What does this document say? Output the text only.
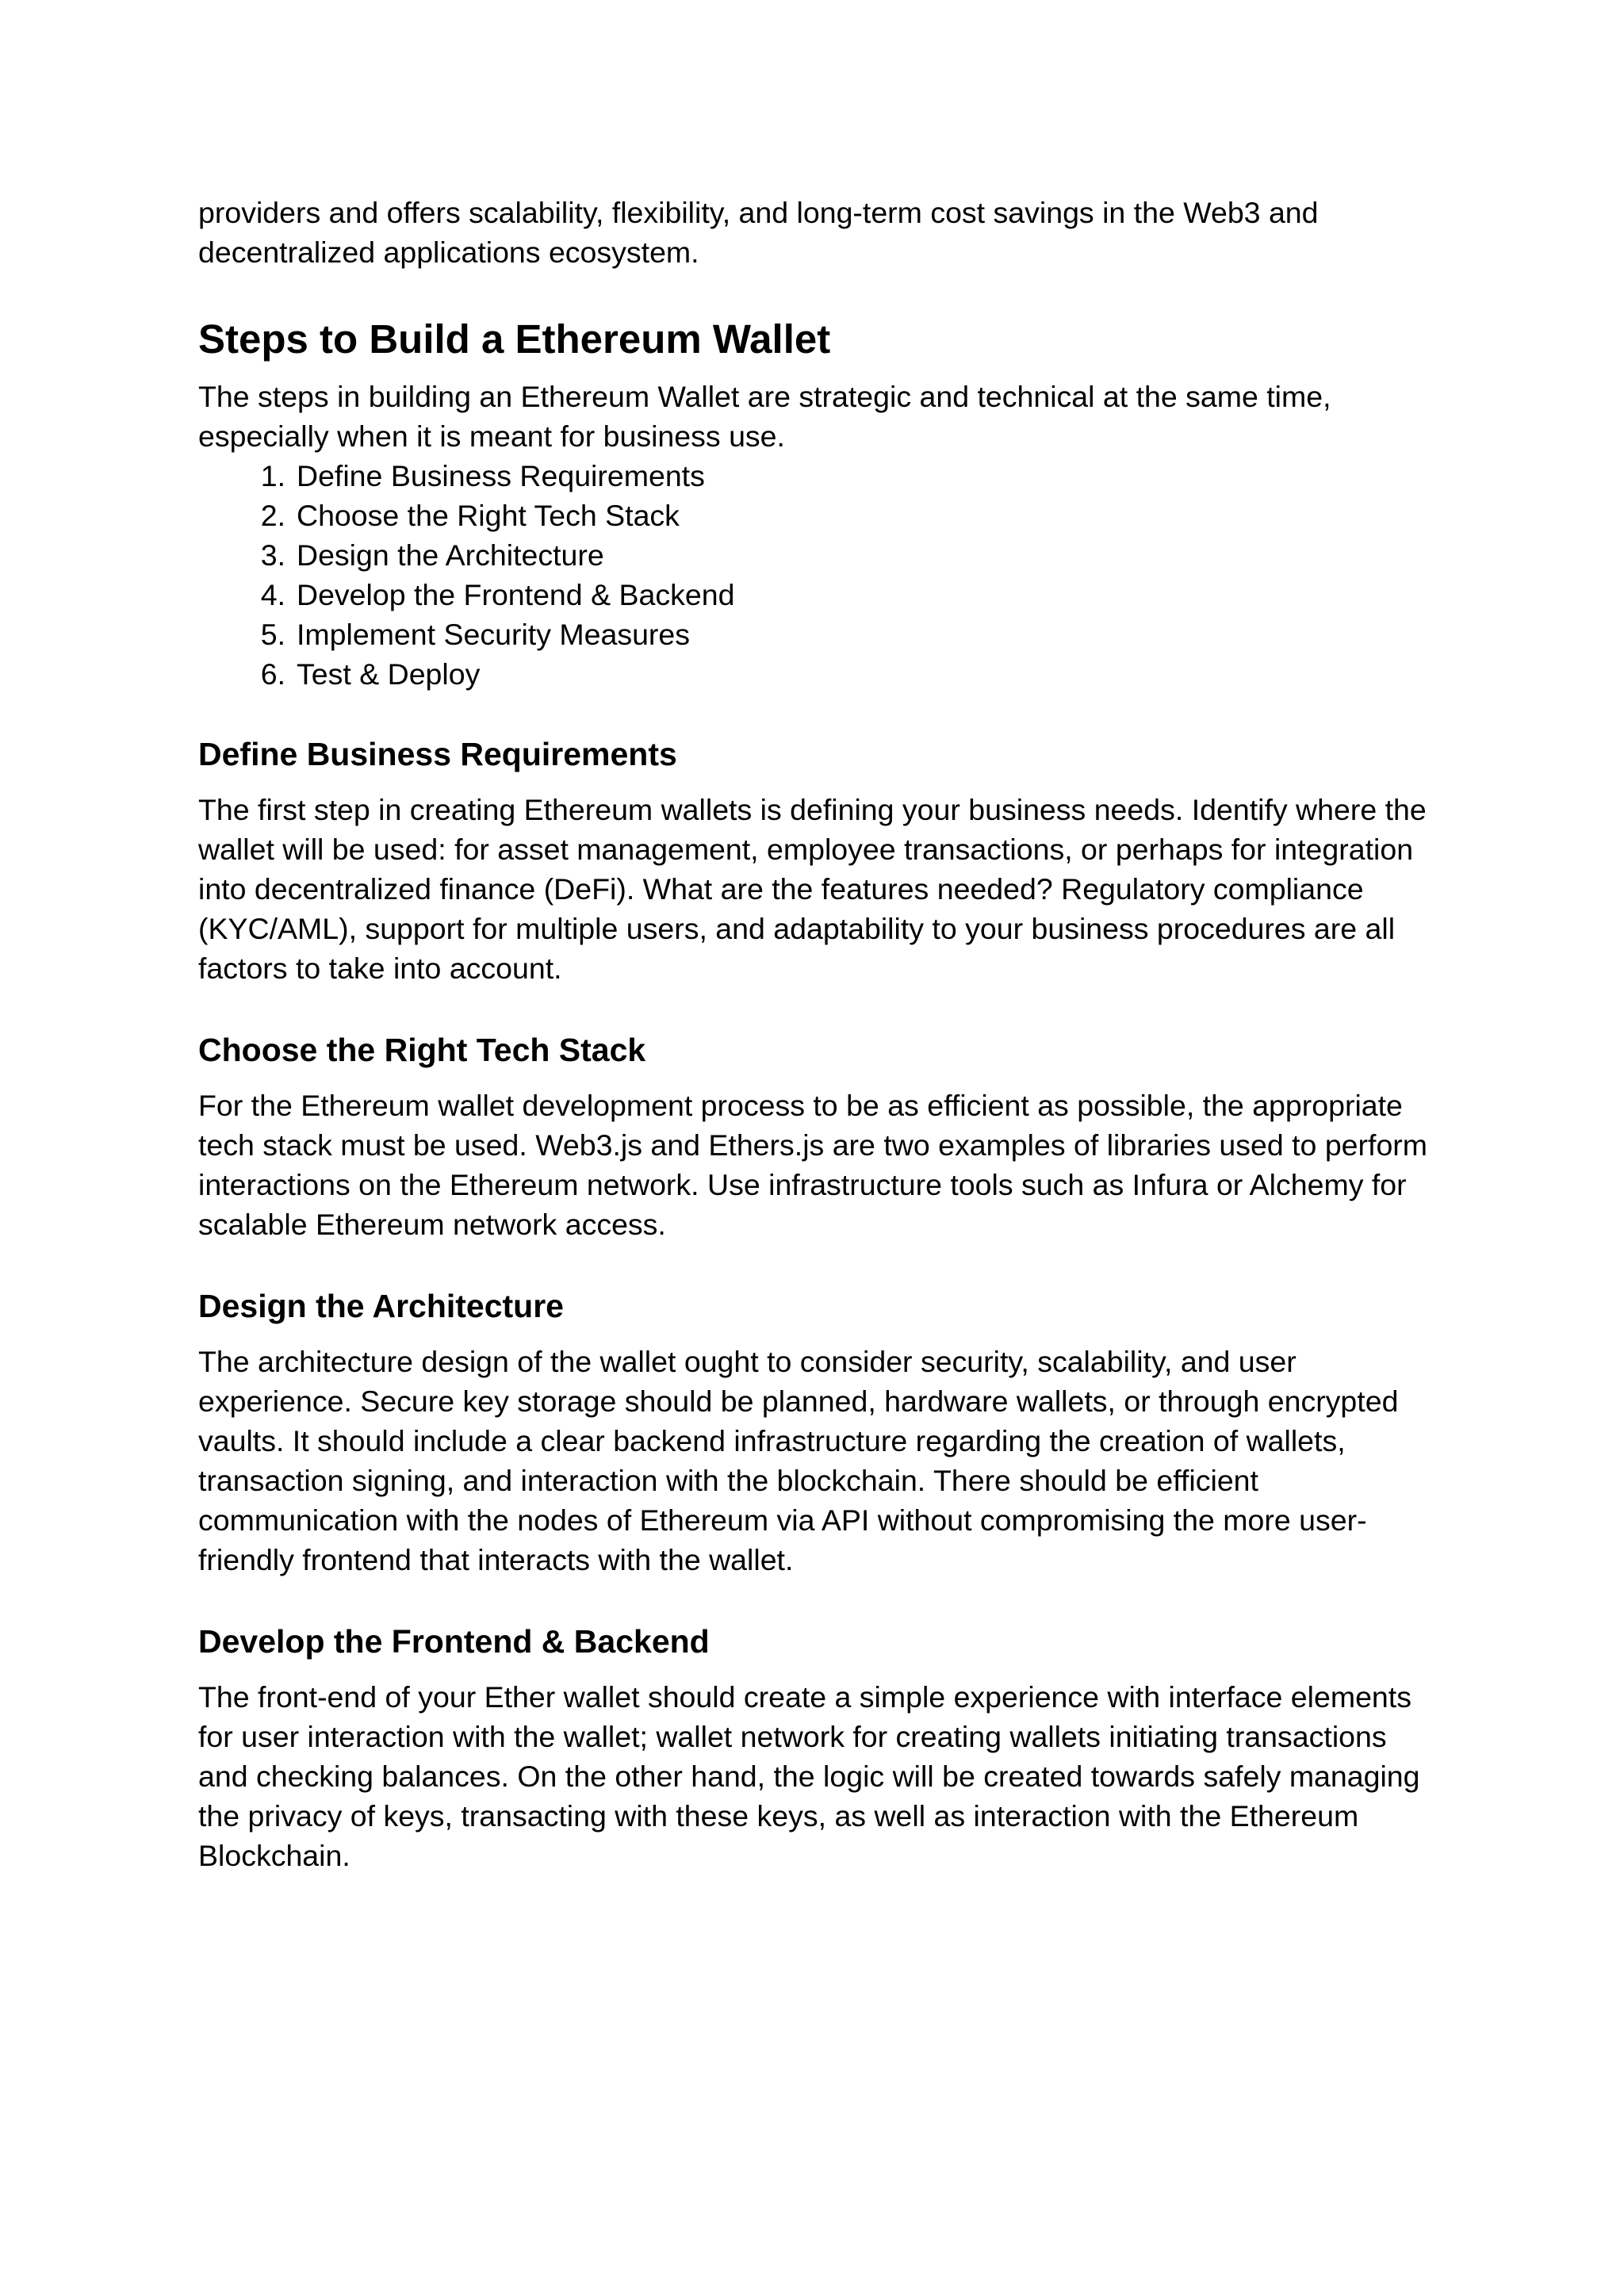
providers and offers scalability, flexibility, and long-term cost savings in the Web3 and decentralized applications ecosystem.

Steps to Build a Ethereum Wallet

The steps in building an Ethereum Wallet are strategic and technical at the same time, especially when it is meant for business use.

1. Define Business Requirements
2. Choose the Right Tech Stack
3. Design the Architecture
4. Develop the Frontend & Backend
5. Implement Security Measures
6. Test & Deploy
Define Business Requirements

The first step in creating Ethereum wallets is defining your business needs. Identify where the wallet will be used: for asset management, employee transactions, or perhaps for integration into decentralized finance (DeFi). What are the features needed? Regulatory compliance (KYC/AML), support for multiple users, and adaptability to your business procedures are all factors to take into account.

Choose the Right Tech Stack

For the Ethereum wallet development process to be as efficient as possible, the appropriate tech stack must be used. Web3.js and Ethers.js are two examples of libraries used to perform interactions on the Ethereum network. Use infrastructure tools such as Infura or Alchemy for scalable Ethereum network access.

Design the Architecture

The architecture design of the wallet ought to consider security, scalability, and user experience. Secure key storage should be planned, hardware wallets, or through encrypted vaults. It should include a clear backend infrastructure regarding the creation of wallets, transaction signing, and interaction with the blockchain. There should be efficient communication with the nodes of Ethereum via API without compromising the more user-friendly frontend that interacts with the wallet.

Develop the Frontend & Backend

The front-end of your Ether wallet should create a simple experience with interface elements for user interaction with the wallet; wallet network for creating wallets initiating transactions and checking balances. On the other hand, the logic will be created towards safely managing the privacy of keys, transacting with these keys, as well as interaction with the Ethereum Blockchain.
